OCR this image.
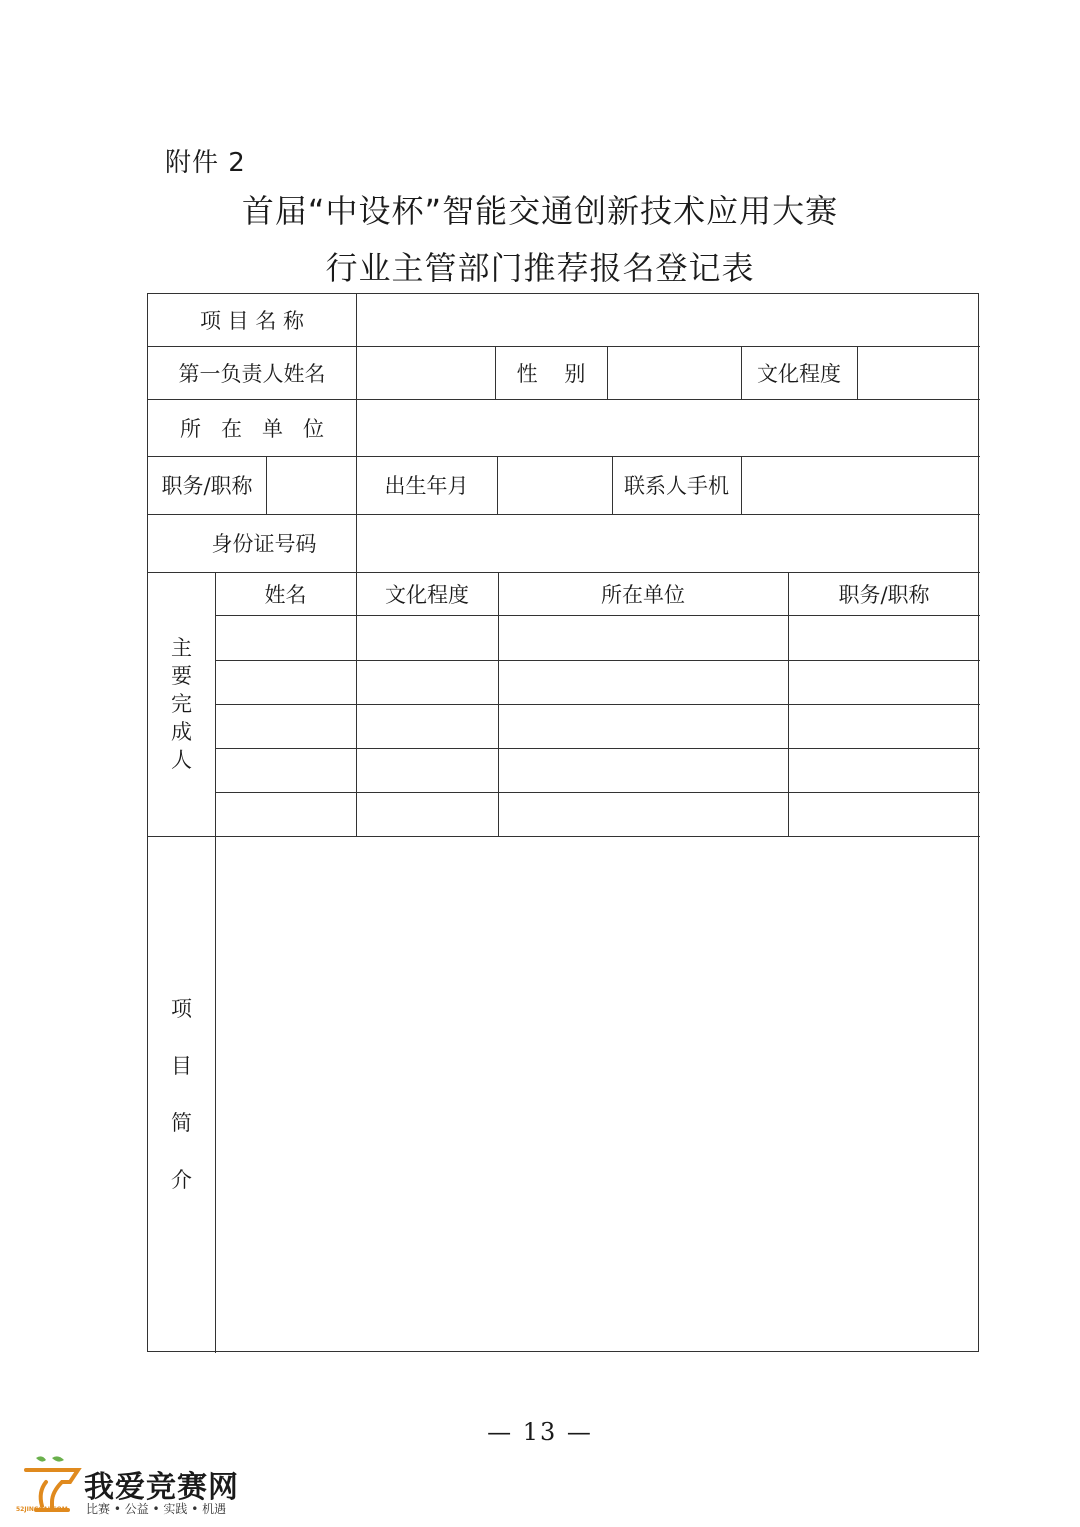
附件 2
首届“中设杯”智能交通创新技术应用大赛
行业主管部门推荐报名登记表
项 目 名 称
第一负责人姓名	性    别	文化程度
所   在   单   位
职务/职称	出生年月	联系人手机
身份证号码
主
要
完
成
人
姓名	文化程度	所在单位	职务/职称
项
目
简
介
— 13 —
我爱竞赛网
比赛 • 公益 • 实践 • 机遇
52JINGSAI.COM
